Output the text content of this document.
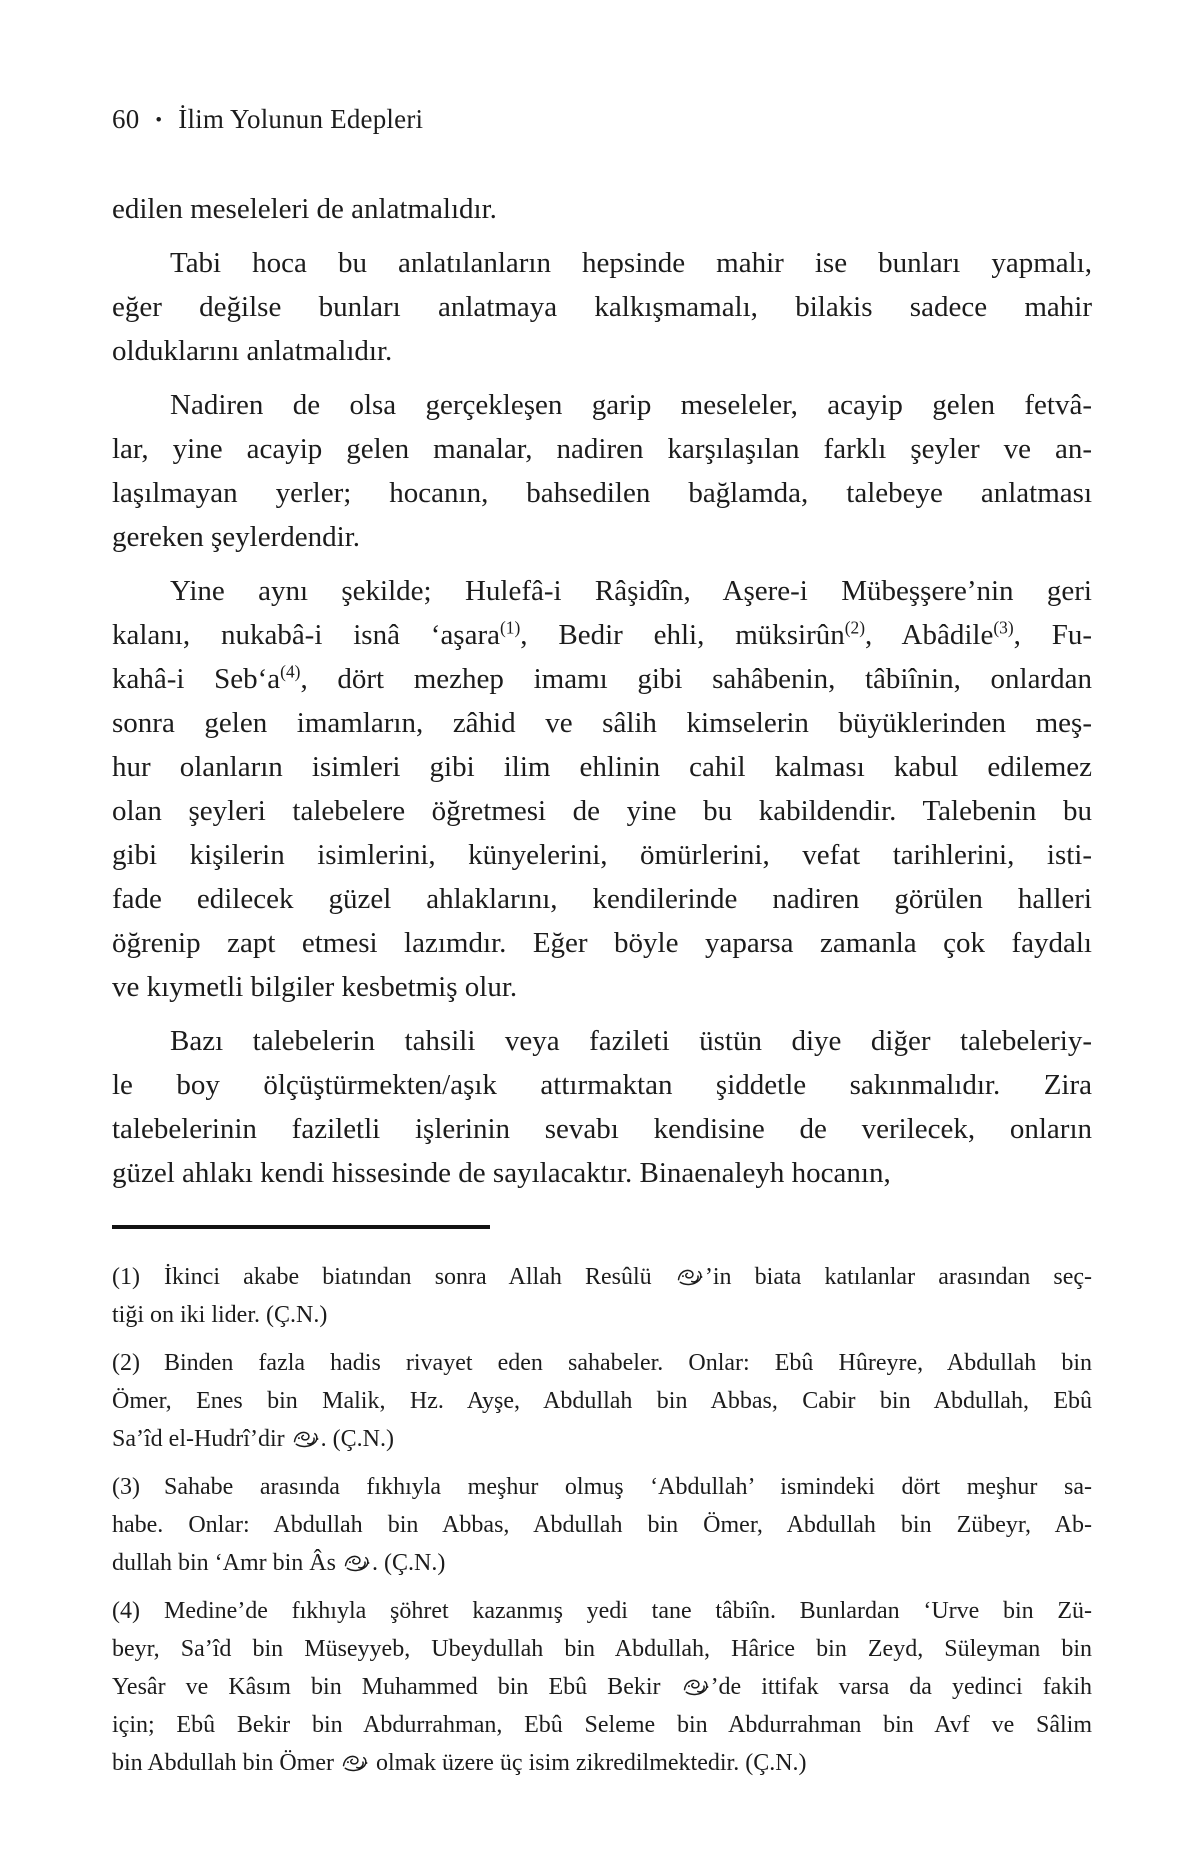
60 • İlim Yolunun Edepleri
edilen meseleleri de anlatmalıdır.
Tabi hoca bu anlatılanların hepsinde mahir ise bunları yapmalı,
eğer değilse bunları anlatmaya kalkışmamalı, bilakis sadece mahir
olduklarını anlatmalıdır.
Nadiren de olsa gerçekleşen garip meseleler, acayip gelen fetvâ-
lar, yine acayip gelen manalar, nadiren karşılaşılan farklı şeyler ve an-
laşılmayan yerler; hocanın, bahsedilen bağlamda, talebeye anlatması
gereken şeylerdendir.
Yine aynı şekilde; Hulefâ-i Râşidîn, Aşere-i Mübeşşere’nin geri
kalanı, nukabâ-i isnâ ‘aşara$^{(1)}$, Bedir ehli, müksirûn$^{(2)}$, Abâdile$^{(3)}$, Fu-
kahâ-i Seb‘a$^{(4)}$, dört mezhep imamı gibi sahâbenin, tâbiînin, onlardan
sonra gelen imamların, zâhid ve sâlih kimselerin büyüklerinden meş-
hur olanların isimleri gibi ilim ehlinin cahil kalması kabul edilemez
olan şeyleri talebelere öğretmesi de yine bu kabildendir. Talebenin bu
gibi kişilerin isimlerini, künyelerini, ömürlerini, vefat tarihlerini, isti-
fade edilecek güzel ahlaklarını, kendilerinde nadiren görülen halleri
öğrenip zapt etmesi lazımdır. Eğer böyle yaparsa zamanla çok faydalı
ve kıymetli bilgiler kesbetmiş olur.
Bazı talebelerin tahsili veya fazileti üstün diye diğer talebeleriy-
le boy ölçüştürmekten/aşık attırmaktan şiddetle sakınmalıdır. Zira
talebelerinin faziletli işlerinin sevabı kendisine de verilecek, onların
güzel ahlakı kendi hissesinde de sayılacaktır. Binaenaleyh hocanın,
(1) İkinci akabe biatından sonra Allah Resûlü
’in biata katılanlar arasından seç-
tiği on iki lider. (Ç.N.)
(2) Binden fazla hadis rivayet eden sahabeler. Onlar: Ebû Hûreyre, Abdullah bin
Ömer, Enes bin Malik, Hz. Ayşe, Abdullah bin Abbas, Cabir bin Abdullah, Ebû
Sa’îd el-Hudrî’dir
. (Ç.N.)
(3) Sahabe arasında fıkhıyla meşhur olmuş ‘Abdullah’ ismindeki dört meşhur sa-
habe. Onlar: Abdullah bin Abbas, Abdullah bin Ömer, Abdullah bin Zübeyr, Ab-
dullah bin ‘Amr bin Âs
. (Ç.N.)
(4) Medine’de fıkhıyla şöhret kazanmış yedi tane tâbiîn. Bunlardan ‘Urve bin Zü-
beyr, Sa’îd bin Müseyyeb, Ubeydullah bin Abdullah, Hârice bin Zeyd, Süleyman bin
Yesâr ve Kâsım bin Muhammed bin Ebû Bekir
’de ittifak varsa da yedinci fakih
için; Ebû Bekir bin Abdurrahman, Ebû Seleme bin Abdurrahman bin Avf ve Sâlim
bin Abdullah bin Ömer
olmak üzere üç isim zikredilmektedir. (Ç.N.)
